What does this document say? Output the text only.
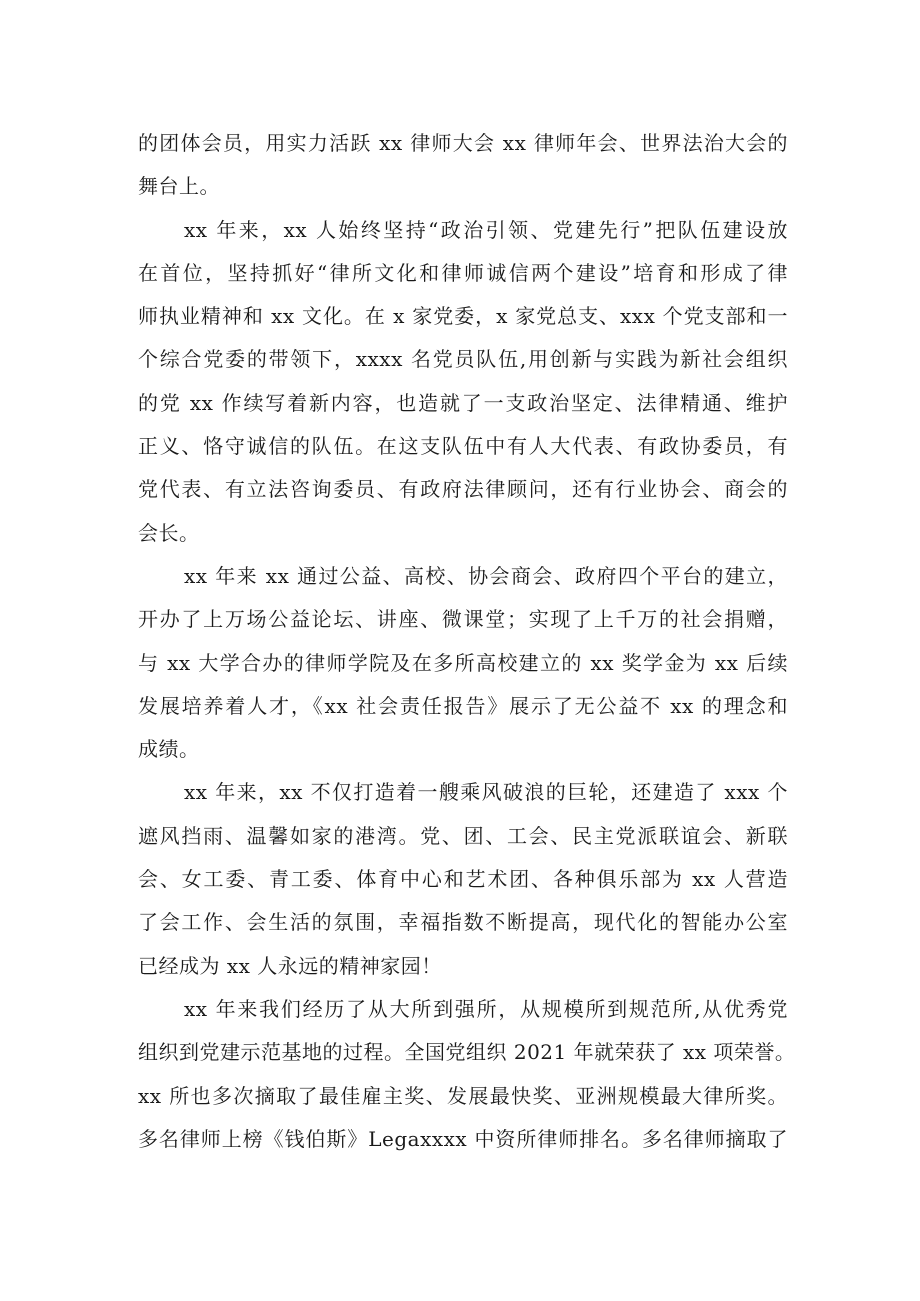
的团体会员，用实力活跃 xx 律师大会 xx 律师年会、世界法治大会的
舞台上。

xx 年来，xx 人始终坚持“政治引领、党建先行”把队伍建设放
在首位，坚持抓好“律所文化和律师诚信两个建设”培育和形成了律
师执业精神和 xx 文化。在 x 家党委，x 家党总支、xxx 个党支部和一
个综合党委的带领下，xxxx 名党员队伍,用创新与实践为新社会组织
的党 xx 作续写着新内容，也造就了一支政治坚定、法律精通、维护
正义、恪守诚信的队伍。在这支队伍中有人大代表、有政协委员，有
党代表、有立法咨询委员、有政府法律顾问，还有行业协会、商会的
会长。

xx 年来 xx 通过公益、高校、协会商会、政府四个平台的建立，
开办了上万场公益论坛、讲座、微课堂；实现了上千万的社会捐赠，
与 xx 大学合办的律师学院及在多所高校建立的 xx 奖学金为 xx 后续
发展培养着人才，《xx 社会责任报告》展示了无公益不 xx 的理念和
成绩。

xx 年来，xx 不仅打造着一艘乘风破浪的巨轮，还建造了 xxx 个
遮风挡雨、温馨如家的港湾。党、团、工会、民主党派联谊会、新联
会、女工委、青工委、体育中心和艺术团、各种俱乐部为 xx 人营造
了会工作、会生活的氛围，幸福指数不断提高，现代化的智能办公室
已经成为 xx 人永远的精神家园！

xx 年来我们经历了从大所到强所，从规模所到规范所,从优秀党
组织到党建示范基地的过程。全国党组织 2021 年就荣获了 xx 项荣誉。
xx 所也多次摘取了最佳雇主奖、发展最快奖、亚洲规模最大律所奖。
多名律师上榜《钱伯斯》Legaxxxx 中资所律师排名。多名律师摘取了
